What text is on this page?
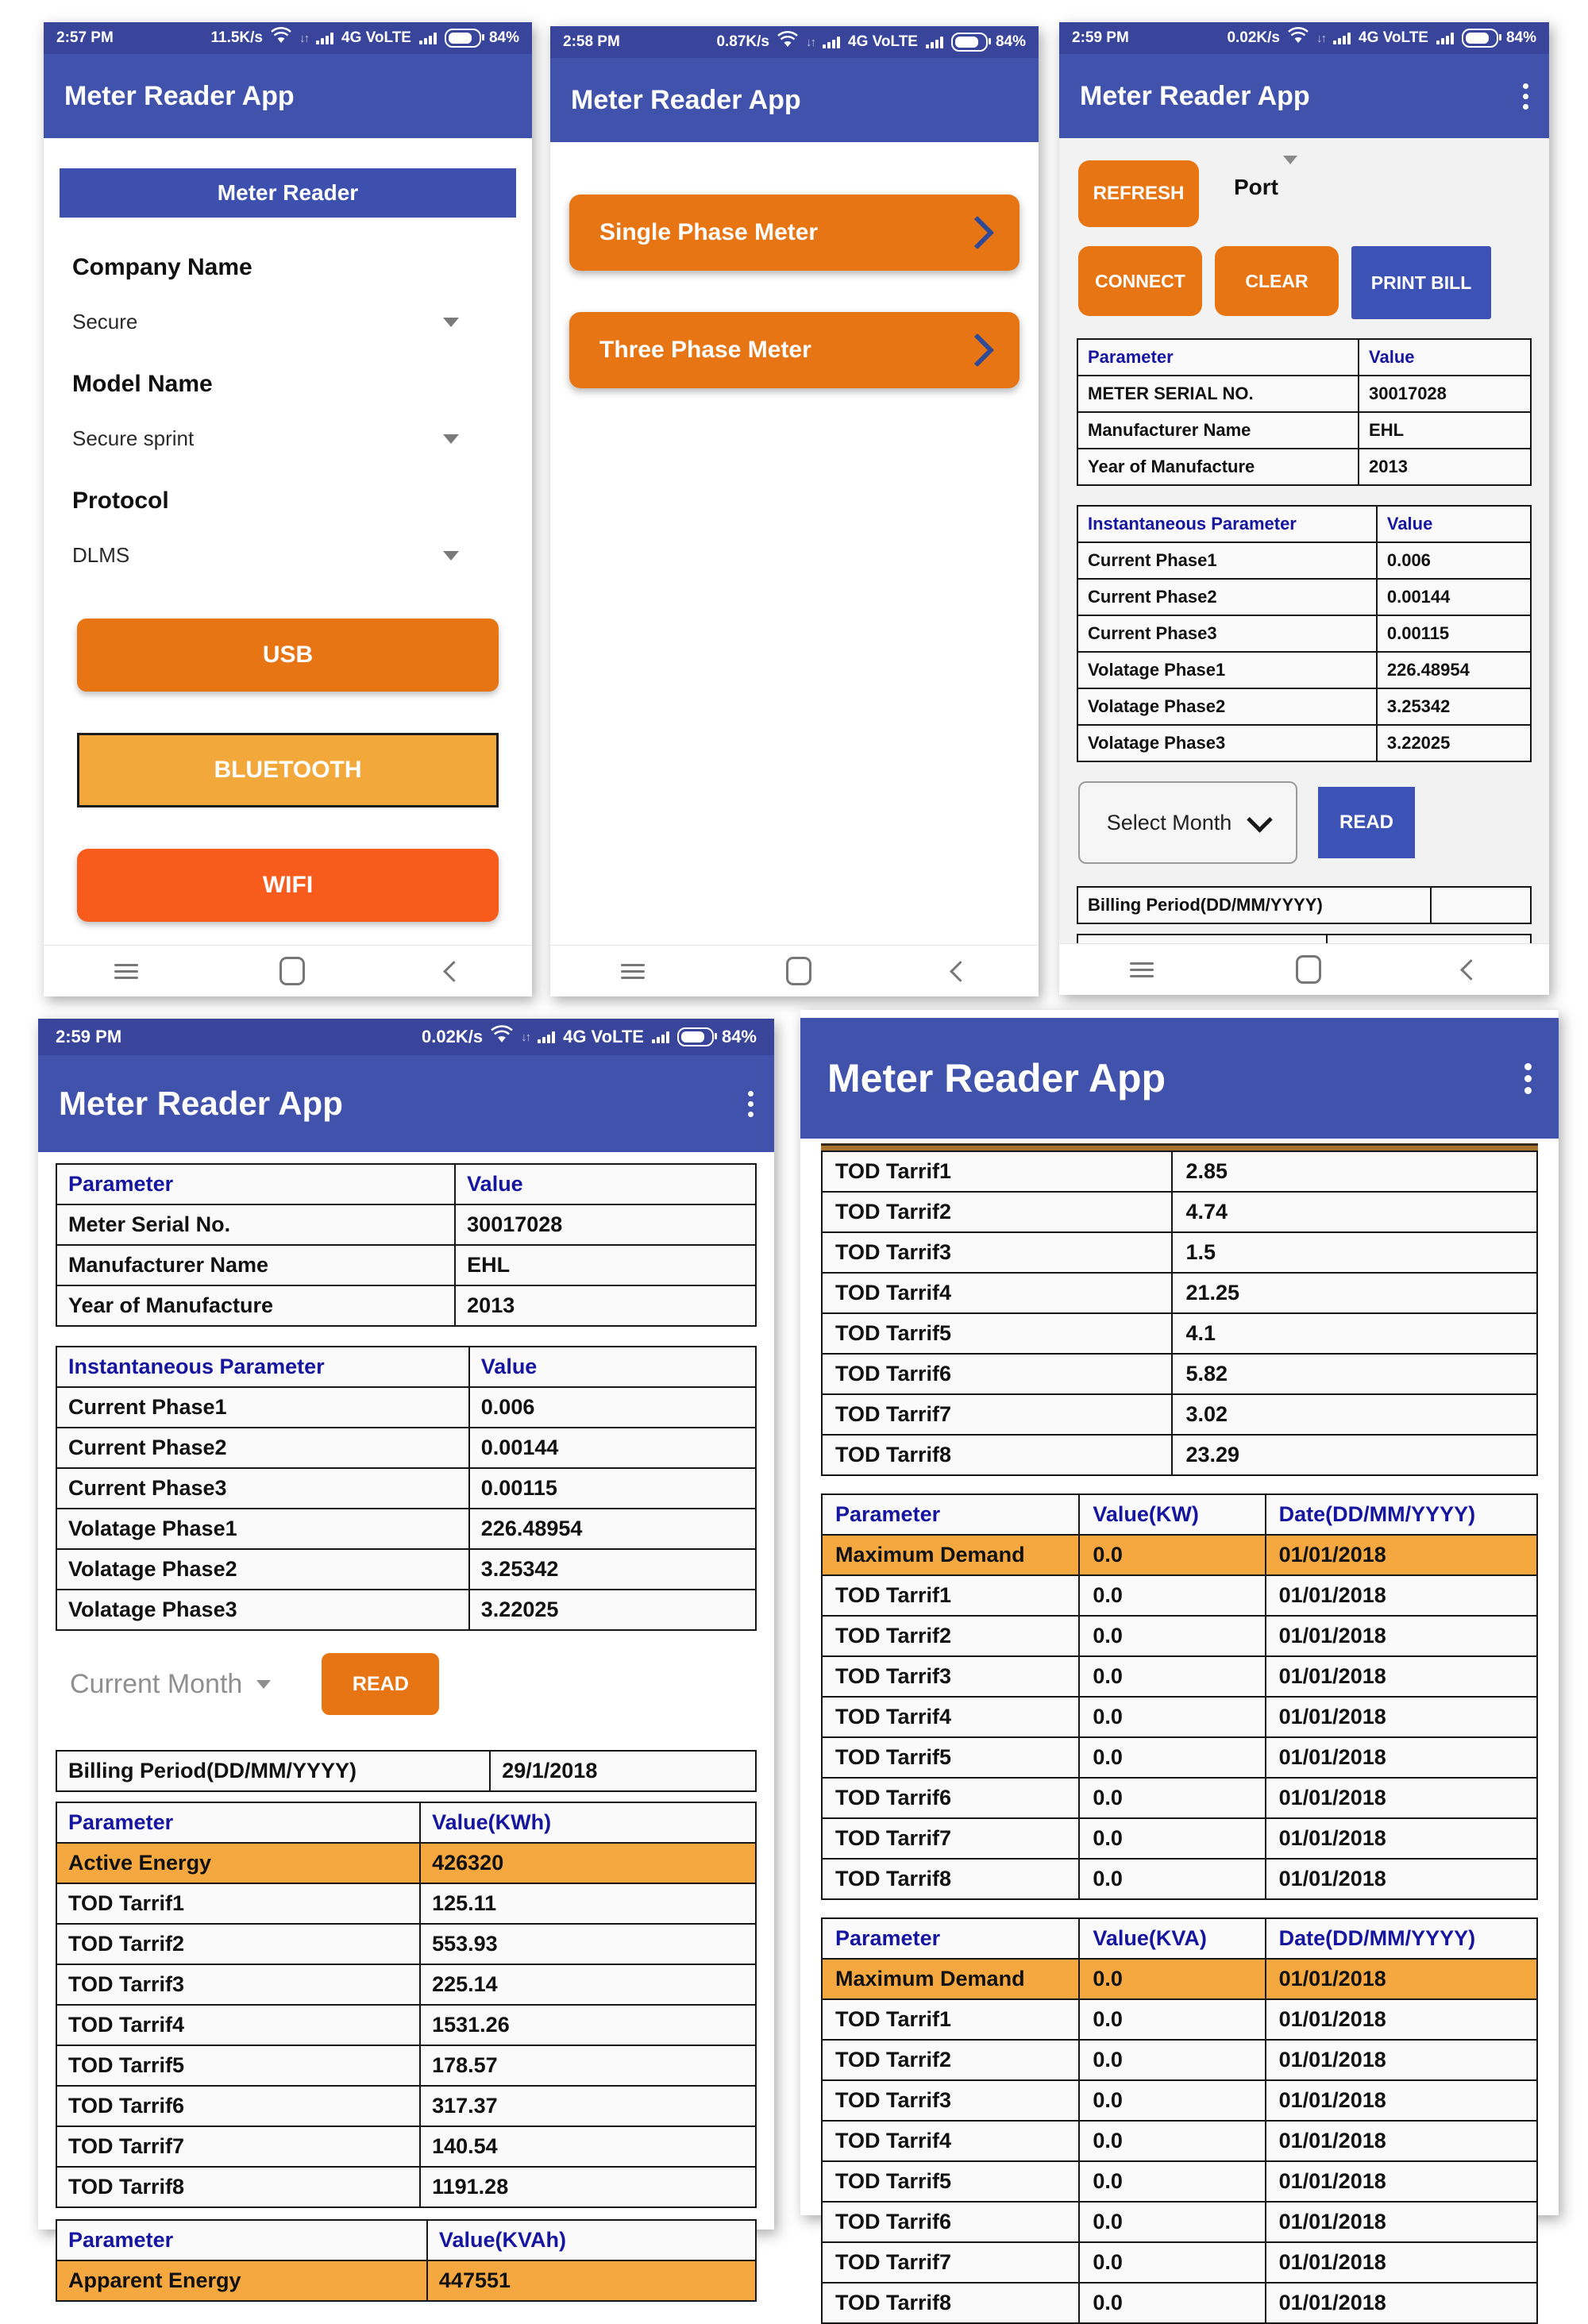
2:57 PM	11.5K/s	↓↑ 4G VoLTE	84%
Meter Reader App
Meter Reader
Company Name
Secure
Model Name
Secure sprint
Protocol
DLMS
USB
BLUETOOTH
WIFI
2:58 PM	0.87K/s	↓↑ 4G VoLTE	84%
Meter Reader App
Single Phase Meter
Three Phase Meter
2:59 PM	0.02K/s	↓↑ 4G VoLTE	84%
Meter Reader App
REFRESH	Port
CONNECT	CLEAR	PRINT BILL
Parameter	Value
METER SERIAL NO.	30017028
Manufacturer Name	EHL
Year of Manufacture	2013
Instantaneous Parameter	Value
Current Phase1	0.006
Current Phase2	0.00144
Current Phase3	0.00115
Volatage Phase1	226.48954
Volatage Phase2	3.25342
Volatage Phase3	3.22025
Select Month	READ
Billing Period(DD/MM/YYYY)	

2:59 PM	0.02K/s	↓↑ 4G VoLTE	84%
Meter Reader App
Parameter	Value
Meter Serial No.	30017028
Manufacturer Name	EHL
Year of Manufacture	2013
Instantaneous Parameter	Value
Current Phase1	0.006
Current Phase2	0.00144
Current Phase3	0.00115
Volatage Phase1	226.48954
Volatage Phase2	3.25342
Volatage Phase3	3.22025
Current Month	READ
Billing Period(DD/MM/YYYY)	29/1/2018
Parameter	Value(KWh)
Active Energy	426320
TOD Tarrif1	125.11
TOD Tarrif2	553.93
TOD Tarrif3	225.14
TOD Tarrif4	1531.26
TOD Tarrif5	178.57
TOD Tarrif6	317.37
TOD Tarrif7	140.54
TOD Tarrif8	1191.28
Parameter	Value(KVAh)
Apparent Energy	447551
Meter Reader App
TOD Tarrif1	2.85
TOD Tarrif2	4.74
TOD Tarrif3	1.5
TOD Tarrif4	21.25
TOD Tarrif5	4.1
TOD Tarrif6	5.82
TOD Tarrif7	3.02
TOD Tarrif8	23.29
Parameter	Value(KW)	Date(DD/MM/YYYY)
Maximum Demand	0.0	01/01/2018
TOD Tarrif1	0.0	01/01/2018
TOD Tarrif2	0.0	01/01/2018
TOD Tarrif3	0.0	01/01/2018
TOD Tarrif4	0.0	01/01/2018
TOD Tarrif5	0.0	01/01/2018
TOD Tarrif6	0.0	01/01/2018
TOD Tarrif7	0.0	01/01/2018
TOD Tarrif8	0.0	01/01/2018
Parameter	Value(KVA)	Date(DD/MM/YYYY)
Maximum Demand	0.0	01/01/2018
TOD Tarrif1	0.0	01/01/2018
TOD Tarrif2	0.0	01/01/2018
TOD Tarrif3	0.0	01/01/2018
TOD Tarrif4	0.0	01/01/2018
TOD Tarrif5	0.0	01/01/2018
TOD Tarrif6	0.0	01/01/2018
TOD Tarrif7	0.0	01/01/2018
TOD Tarrif8	0.0	01/01/2018
